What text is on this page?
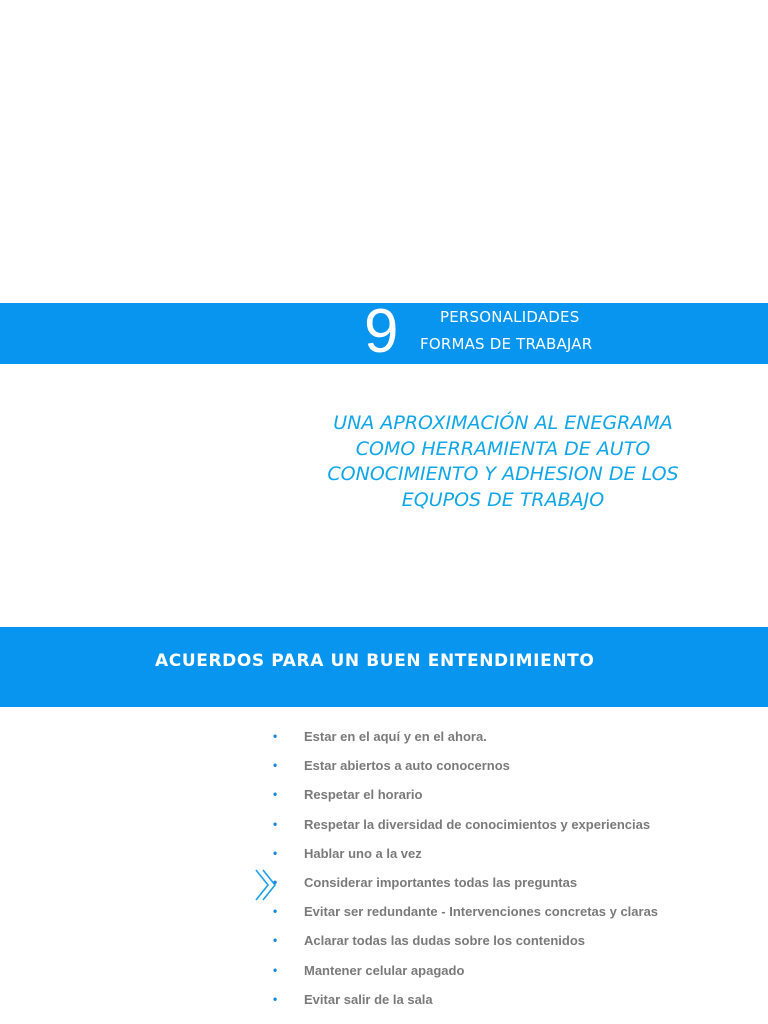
9	PERSONALIDADES
FORMAS DE TRABAJAR
UNA APROXIMACIÓN AL ENEGRAMA
COMO HERRAMIENTA DE AUTO
CONOCIMIENTO Y ADHESION DE LOS
EQUPOS DE TRABAJO
ACUERDOS PARA UN BUEN ENTENDIMIENTO
• Estar en el aquí y en el ahora.
• Estar abiertos a auto conocernos
• Respetar el horario
• Respetar la diversidad de conocimientos y experiencias
• Hablar uno a la vez
• Considerar importantes todas las preguntas
• Evitar ser redundante - Intervenciones concretas y claras
• Aclarar todas las dudas sobre los contenidos
• Mantener celular apagado
• Evitar salir de la sala
